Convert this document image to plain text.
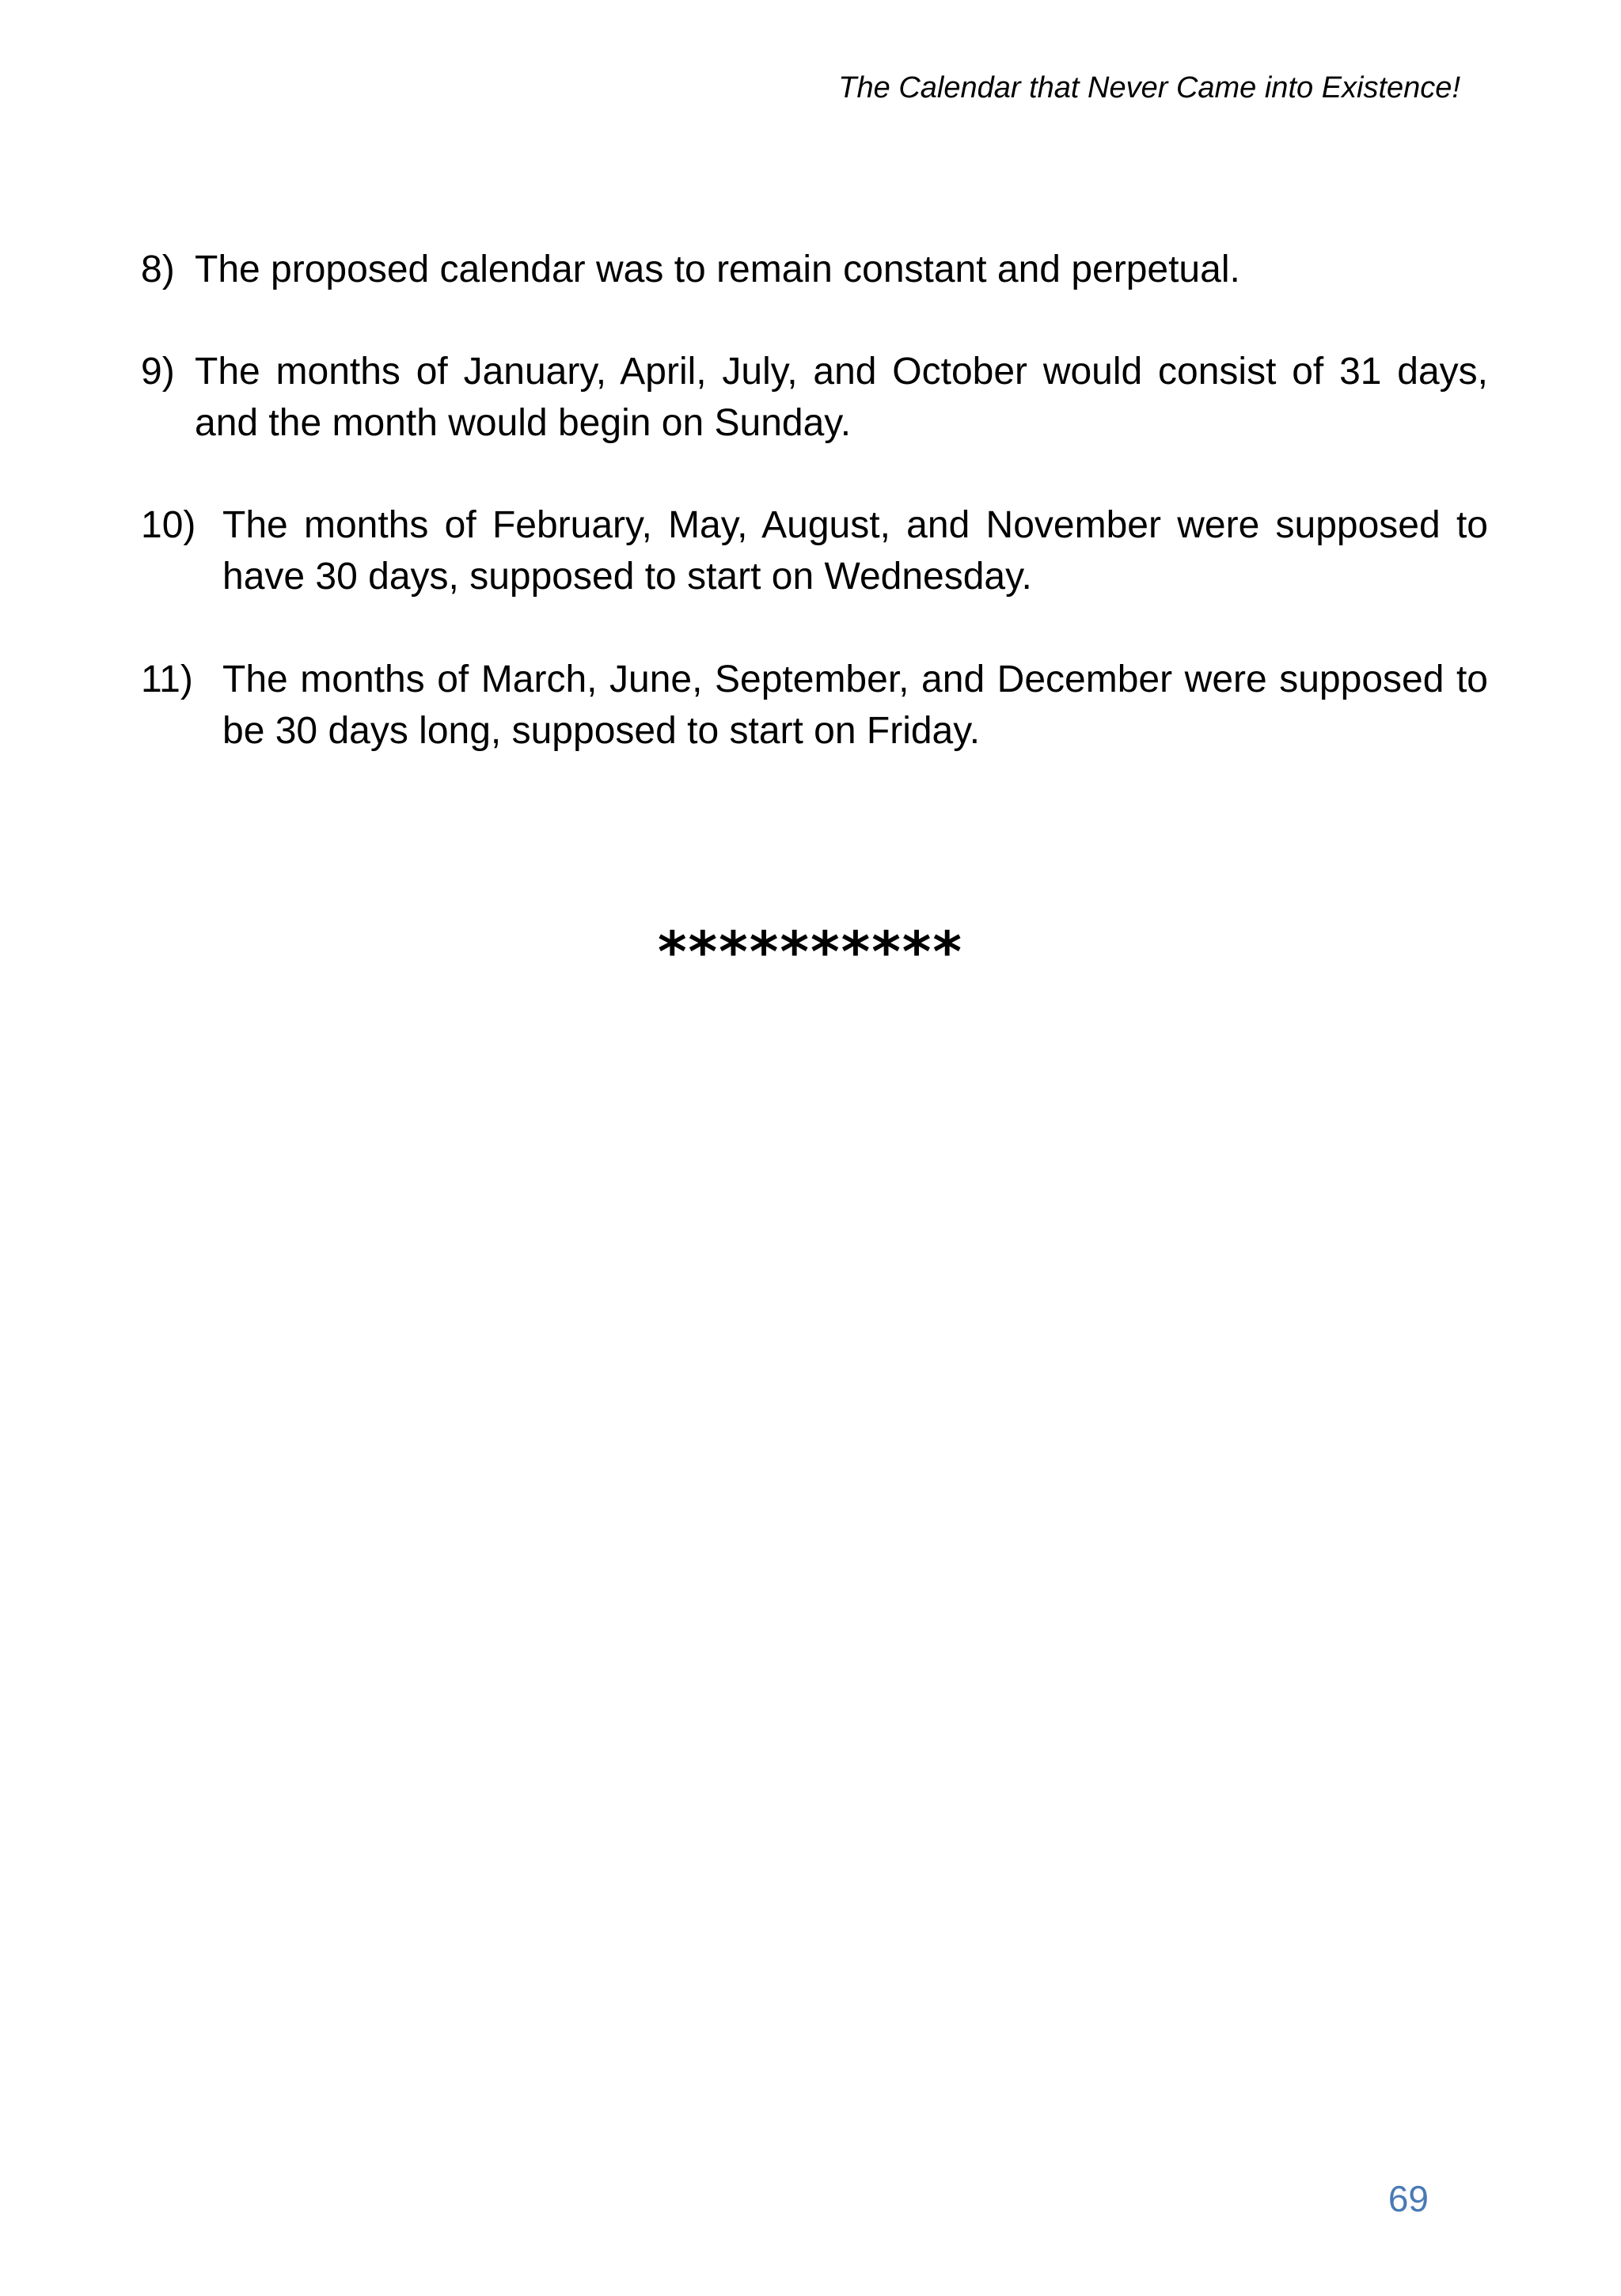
The Calendar that Never Came into Existence!
8) The proposed calendar was to remain constant and perpetual.
9) The months of January, April, July, and October would consist of 31 days, and the month would begin on Sunday.
10) The months of February, May, August, and November were supposed to have 30 days, supposed to start on Wednesday.
11) The months of March, June, September, and December were supposed to be 30 days long, supposed to start on Friday.
**********
69
